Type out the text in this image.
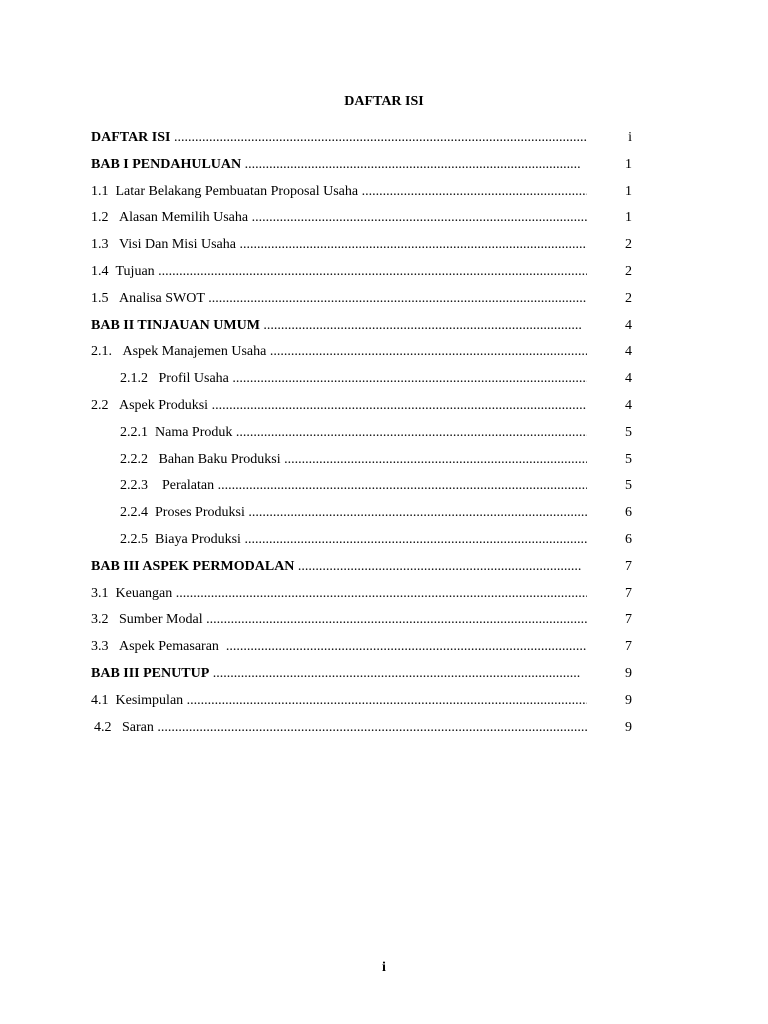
DAFTAR ISI
DAFTAR ISI .....	i
BAB I PENDAHULUAN .....	1
1.1 Latar Belakang Pembuatan Proposal Usaha .....	1
1.2 Alasan Memilih Usaha .....	1
1.3 Visi Dan Misi Usaha .....	2
1.4 Tujuan .....	2
1.5 Analisa SWOT .....	2
BAB II TINJAUAN UMUM .....	4
2.1. Aspek Manajemen Usaha .....	4
2.1.2 Profil Usaha .....	4
2.2 Aspek Produksi .....	4
2.2.1 Nama Produk .....	5
2.2.2 Bahan Baku Produksi .....	5
2.2.3 Peralatan .....	5
2.2.4 Proses Produksi .....	6
2.2.5 Biaya Produksi .....	6
BAB III ASPEK PERMODALAN .....	7
3.1 Keuangan .....	7
3.2 Sumber Modal .....	7
3.3 Aspek Pemasaran  .....	7
BAB III PENUTUP .....	9
4.1 Kesimpulan .....	9
4.2 Saran .....	9
i
